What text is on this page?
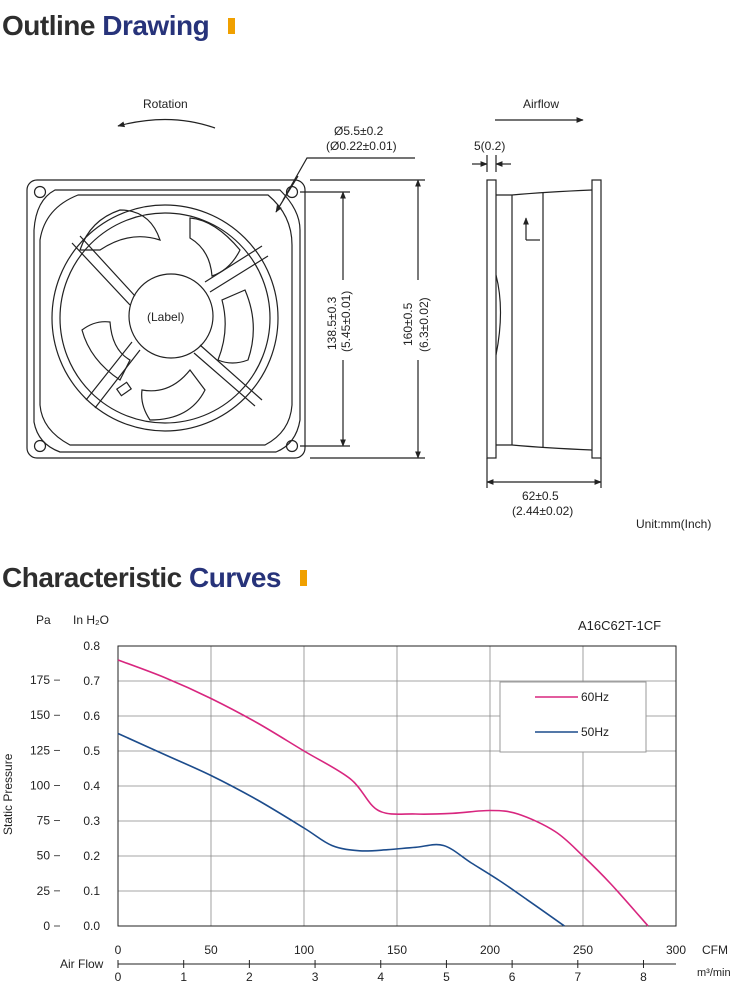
Outline Drawing
Rotation	Airflow
(Label)
Ø5.5±0.2
(Ø0.22±0.01)
138.5±0.3 (5.45±0.01)	160±0.5 (6.3±0.02)
5(0.2)
62±0.5
(2.44±0.02)
Unit:mm(Inch)
Characteristic Curves
60Hz
50Hz
0	50	100	150	200	250	300
0.0
0.1
0.2
0.3
0.4
0.5
0.6
0.7
0.8
0
25
50
75
100
125
150
175
0	1	2	3	4	5	6	7	8
Pa In H₂O	A16C62T-1CF
Static Pressure
CFM
m³/min
Air Flow
